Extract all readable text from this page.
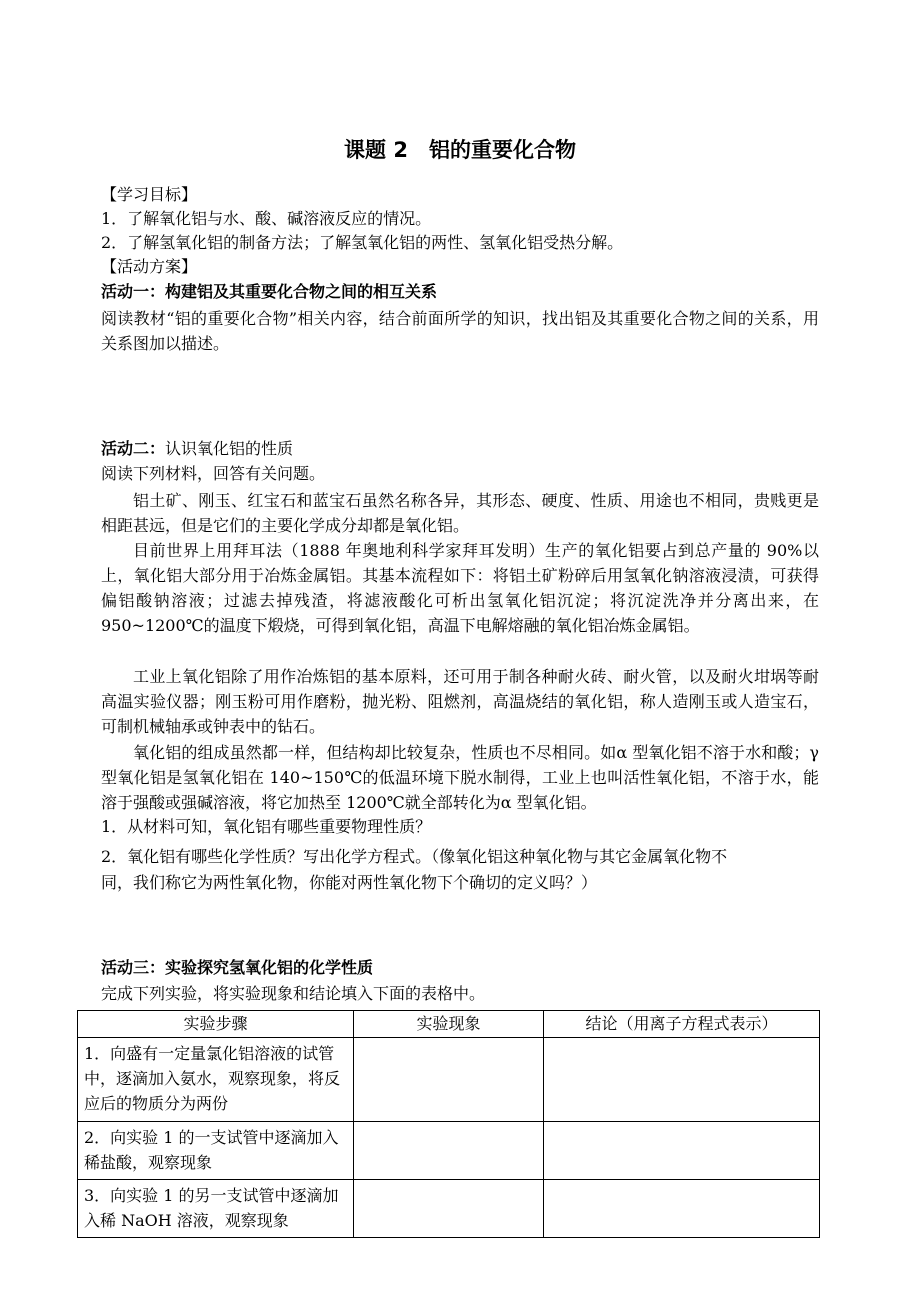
课题 2　铝的重要化合物
【学习目标】
1．了解氧化铝与水、酸、碱溶液反应的情况。
2．了解氢氧化铝的制备方法；了解氢氧化铝的两性、氢氧化铝受热分解。
【活动方案】
活动一：构建铝及其重要化合物之间的相互关系
阅读教材“铝的重要化合物”相关内容，结合前面所学的知识，找出铝及其重要化合物之间的关系，用关系图加以描述。
活动二：认识氧化铝的性质
阅读下列材料，回答有关问题。
铝土矿、刚玉、红宝石和蓝宝石虽然名称各异，其形态、硬度、性质、用途也不相同，贵贱更是相距甚远，但是它们的主要化学成分却都是氧化铝。
目前世界上用拜耳法（1888 年奥地利科学家拜耳发明）生产的氧化铝要占到总产量的 90%以上，氧化铝大部分用于冶炼金属铝。其基本流程如下：将铝土矿粉碎后用氢氧化钠溶液浸渍，可获得偏铝酸钠溶液；过滤去掉残渣，将滤液酸化可析出氢氧化铝沉淀；将沉淀洗净并分离出来，在 950~1200℃的温度下煅烧，可得到氧化铝，高温下电解熔融的氧化铝冶炼金属铝。
工业上氧化铝除了用作冶炼铝的基本原料，还可用于制各种耐火砖、耐火管，以及耐火坩埚等耐高温实验仪器；刚玉粉可用作磨粉，抛光粉、阻燃剂，高温烧结的氧化铝，称人造刚玉或人造宝石，可制机械轴承或钟表中的钻石。
氧化铝的组成虽然都一样，但结构却比较复杂，性质也不尽相同。如α 型氧化铝不溶于水和酸；γ 型氧化铝是氢氧化铝在 140~150℃的低温环境下脱水制得，工业上也叫活性氧化铝，不溶于水，能溶于强酸或强碱溶液，将它加热至 1200℃就全部转化为α 型氧化铝。
1．从材料可知，氧化铝有哪些重要物理性质？
2．氧化铝有哪些化学性质？写出化学方程式。（像氧化铝这种氧化物与其它金属氧化物不
同，我们称它为两性氧化物，你能对两性氧化物下个确切的定义吗？）
活动三：实验探究氢氧化铝的化学性质
完成下列实验，将实验现象和结论填入下面的表格中。
实验步骤	实验现象	结论（用离子方程式表示）
1．向盛有一定量氯化铝溶液的试管中，逐滴加入氨水，观察现象，将反应后的物质分为两份		
2．向实验 1 的一支试管中逐滴加入稀盐酸，观察现象		
3．向实验 1 的另一支试管中逐滴加入稀 NaOH 溶液，观察现象		
